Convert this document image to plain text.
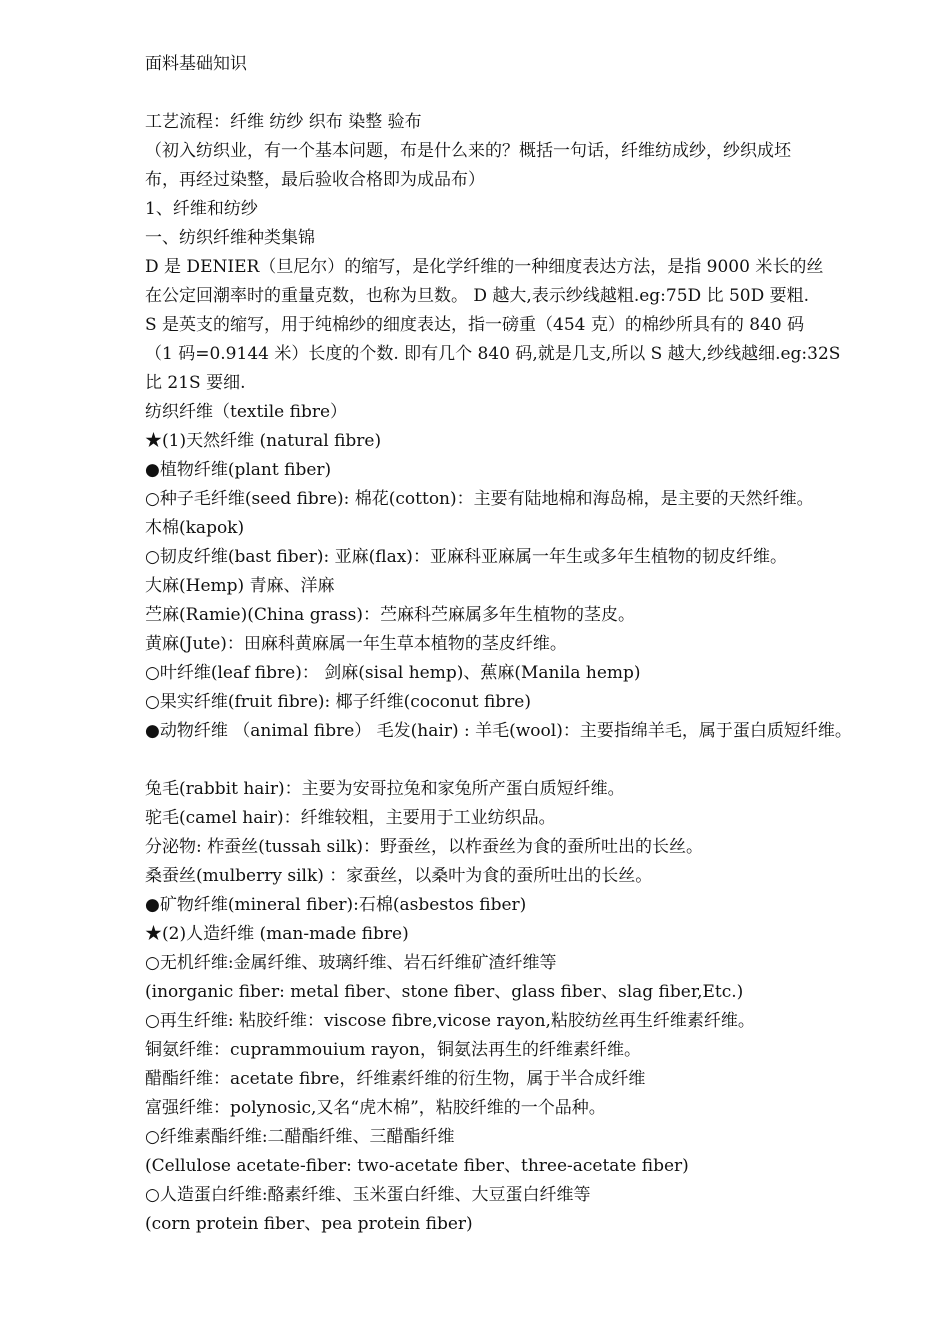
面料基础知识
工艺流程：纤维 纺纱 织布 染整 验布
（初入纺织业，有一个基本问题，布是什么来的？概括一句话，纤维纺成纱，纱织成坯
布，再经过染整，最后验收合格即为成品布）
1、纤维和纺纱
一、纺织纤维种类集锦
D 是 DENIER（旦尼尔）的缩写，是化学纤维的一种细度表达方法，是指 9000 米长的丝
在公定回潮率时的重量克数，也称为旦数。 D 越大,表示纱线越粗.eg:75D 比 50D 要粗.
S 是英支的缩写，用于纯棉纱的细度表达，指一磅重（454 克）的棉纱所具有的 840 码
（1 码=0.9144 米）长度的个数. 即有几个 840 码,就是几支,所以 S 越大,纱线越细.eg:32S
比 21S 要细.
纺织纤维（textile fibre）
★(1)天然纤维 (natural fibre)
●植物纤维(plant fiber)
○种子毛纤维(seed fibre): 棉花(cotton)：主要有陆地棉和海岛棉，是主要的天然纤维。
木棉(kapok)
○韧皮纤维(bast fiber): 亚麻(flax)：亚麻科亚麻属一年生或多年生植物的韧皮纤维。
大麻(Hemp) 青麻、洋麻
苎麻(Ramie)(China grass)：苎麻科苎麻属多年生植物的茎皮。
黄麻(Jute)：田麻科黄麻属一年生草本植物的茎皮纤维。
○叶纤维(leaf fibre)： 剑麻(sisal hemp)、蕉麻(Manila hemp)
○果实纤维(fruit fibre): 椰子纤维(coconut fibre)
●动物纤维 （animal fibre） 毛发(hair) : 羊毛(wool)：主要指绵羊毛，属于蛋白质短纤维。
兔毛(rabbit hair)：主要为安哥拉兔和家兔所产蛋白质短纤维。
驼毛(camel hair)：纤维较粗，主要用于工业纺织品。
分泌物: 柞蚕丝(tussah silk)：野蚕丝，以柞蚕丝为食的蚕所吐出的长丝。
桑蚕丝(mulberry silk) ：家蚕丝，以桑叶为食的蚕所吐出的长丝。
●矿物纤维(mineral fiber):石棉(asbestos fiber)
★(2)人造纤维 (man-made fibre)
○无机纤维:金属纤维、玻璃纤维、岩石纤维矿渣纤维等
(inorganic fiber: metal fiber、stone fiber、glass fiber、slag fiber,Etc.)
○再生纤维: 粘胶纤维：viscose fibre,vicose rayon,粘胶纺丝再生纤维素纤维。
铜氨纤维：cuprammouium rayon，铜氨法再生的纤维素纤维。
醋酯纤维：acetate fibre，纤维素纤维的衍生物，属于半合成纤维
富强纤维：polynosic,又名“虎木棉”，粘胶纤维的一个品种。
○纤维素酯纤维:二醋酯纤维、三醋酯纤维
(Cellulose acetate-fiber: two-acetate fiber、three-acetate fiber)
○人造蛋白纤维:酪素纤维、玉米蛋白纤维、大豆蛋白纤维等
(corn protein fiber、pea protein fiber)
